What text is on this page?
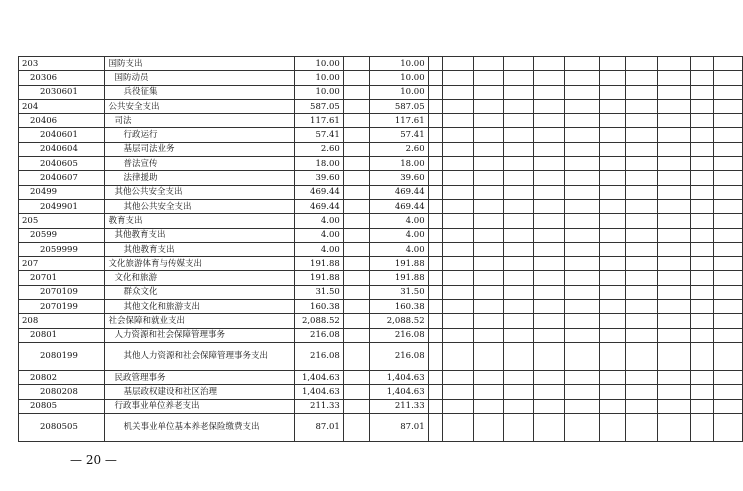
203	国防支出	10.00		10.00											
20306	国防动员	10.00		10.00											
2030601	兵役征集	10.00		10.00											
204	公共安全支出	587.05		587.05											
20406	司法	117.61		117.61											
2040601	行政运行	57.41		57.41											
2040604	基层司法业务	2.60		2.60											
2040605	普法宣传	18.00		18.00											
2040607	法律援助	39.60		39.60											
20499	其他公共安全支出	469.44		469.44											
2049901	其他公共安全支出	469.44		469.44											
205	教育支出	4.00		4.00											
20599	其他教育支出	4.00		4.00											
2059999	其他教育支出	4.00		4.00											
207	文化旅游体育与传媒支出	191.88		191.88											
20701	文化和旅游	191.88		191.88											
2070109	群众文化	31.50		31.50											
2070199	其他文化和旅游支出	160.38		160.38											
208	社会保障和就业支出	2,088.52		2,088.52											
20801	人力资源和社会保障管理事务	216.08		216.08											
2080199	其他人力资源和社会保障管理事务支出	216.08		216.08											
20802	民政管理事务	1,404.63		1,404.63											
2080208	基层政权建设和社区治理	1,404.63		1,404.63											
20805	行政事业单位养老支出	211.33		211.33											
2080505	机关事业单位基本养老保险缴费支出	87.01		87.01											
— 20 —
